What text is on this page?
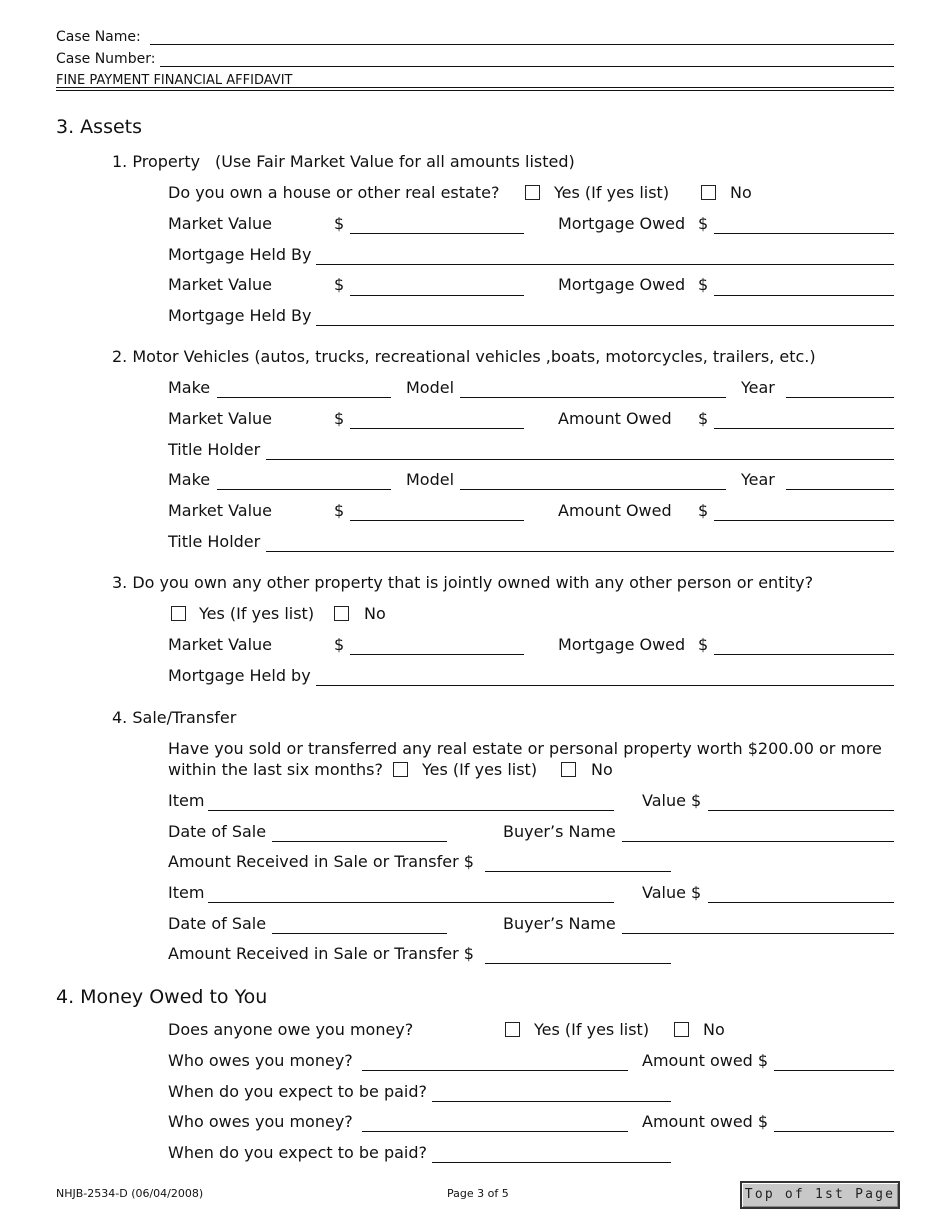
Case Name:
Case Number:
FINE PAYMENT FINANCIAL AFFIDAVIT
3. Assets
1. Property (Use Fair Market Value for all amounts listed)
Do you own a house or other real estate?	Yes (If yes list)	No
Market Value	$	Mortgage Owed $
Mortgage Held By
Market Value	$	Mortgage Owed $
Mortgage Held By
2. Motor Vehicles (autos, trucks, recreational vehicles ,boats, motorcycles, trailers, etc.)
Make	Model	Year
Market Value	$	Amount Owed $
Title Holder
Make	Model	Year
Market Value	$	Amount Owed $
Title Holder
3. Do you own any other property that is jointly owned with any other person or entity?
Yes (If yes list)	No
Market Value	$	Mortgage Owed $
Mortgage Held by
4. Sale/Transfer
Have you sold or transferred any real estate or personal property worth $200.00 or more
within the last six months? Yes (If yes list)	No
Item	Value $
Date of Sale	Buyer’s Name
Amount Received in Sale or Transfer $
Item	Value $
Date of Sale	Buyer’s Name
Amount Received in Sale or Transfer $
4. Money Owed to You
Does anyone owe you money?	Yes (If yes list)	No
Who owes you money?	Amount owed $
When do you expect to be paid?
Who owes you money?	Amount owed $
When do you expect to be paid?
NHJB-2534-D (06/04/2008)	Page 3 of 5	Top of 1st Page
